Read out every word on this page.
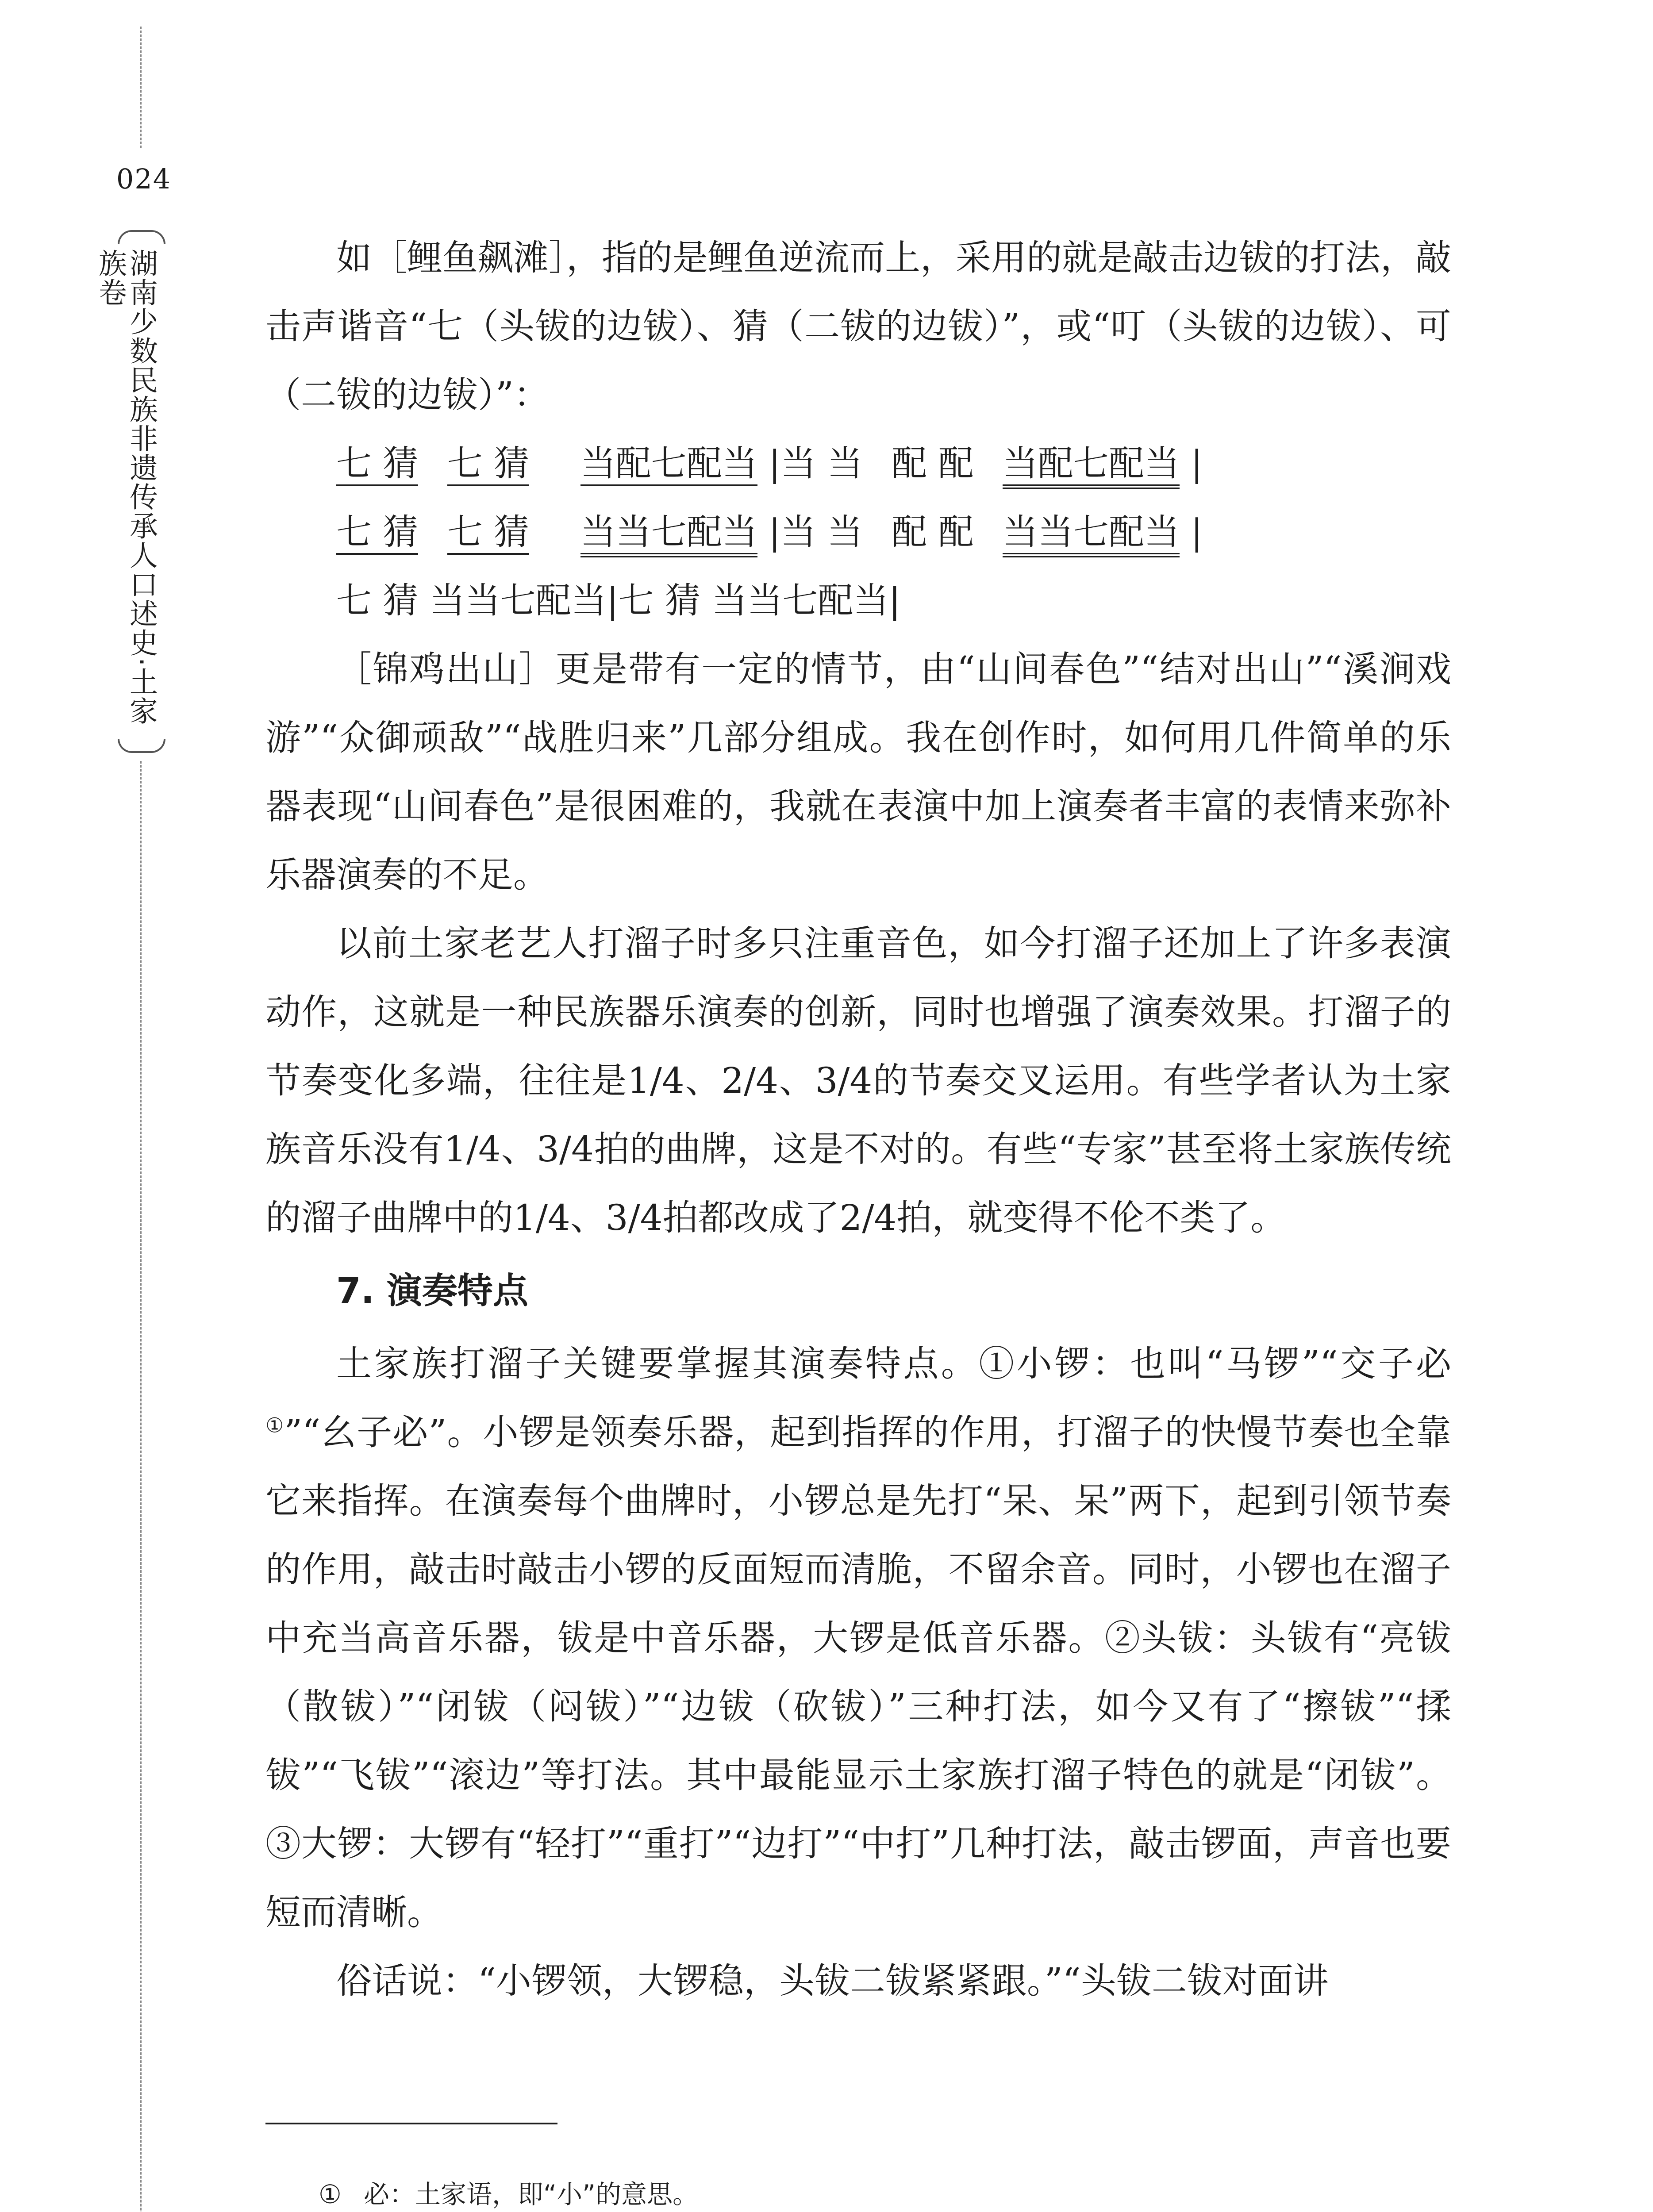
024
湖南少数民族非遗传承人口述史·土家族卷	如［鲤鱼飙滩］，指的是鲤鱼逆流而上，采用的就是敲击边钹的打法，敲击声谐音“七（头钹的边钹）、猜（二钹的边钹）”，或“叮（头钹的边钹）、可（二钹的边钹）”：

七 猜 七 猜 当配七配当 |当 当 配 配 当配七配当 |
七 猜 七 猜 当当七配当 |当 当 配 配 当当七配当 |
七 猜 当当七配当|七 猜 当当七配当|

［锦鸡出山］更是带有一定的情节，由“山间春色”“结对出山”“溪涧戏游”“众御顽敌”“战胜归来”几部分组成。我在创作时，如何用几件简单的乐器表现“山间春色”是很困难的，我就在表演中加上演奏者丰富的表情来弥补乐器演奏的不足。

以前土家老艺人打溜子时多只注重音色，如今打溜子还加上了许多表演动作，这就是一种民族器乐演奏的创新，同时也增强了演奏效果。打溜子的节奏变化多端，往往是1/4、2/4、3/4的节奏交叉运用。有些学者认为土家族音乐没有1/4、3/4拍的曲牌，这是不对的。有些“专家”甚至将土家族传统的溜子曲牌中的1/4、3/4拍都改成了2/4拍，就变得不伦不类了。

7. 演奏特点

土家族打溜子关键要掌握其演奏特点。①小锣：也叫“马锣”“交子必①”“幺子必”。小锣是领奏乐器，起到指挥的作用，打溜子的快慢节奏也全靠它来指挥。在演奏每个曲牌时，小锣总是先打“呆、呆”两下，起到引领节奏的作用，敲击时敲击小锣的反面短而清脆，不留余音。同时，小锣也在溜子中充当高音乐器，钹是中音乐器，大锣是低音乐器。②头钹：头钹有“亮钹（散钹）”“闭钹（闷钹）”“边钹（砍钹）”三种打法，如今又有了“擦钹”“揉钹”“飞钹”“滚边”等打法。其中最能显示土家族打溜子特色的就是“闭钹”。③大锣：大锣有“轻打”“重打”“边打”“中打”几种打法，敲击锣面，声音也要短而清晰。

俗话说：“小锣领，大锣稳，头钹二钹紧紧跟。”“头钹二钹对面讲

① 必：土家语，即“小”的意思。
